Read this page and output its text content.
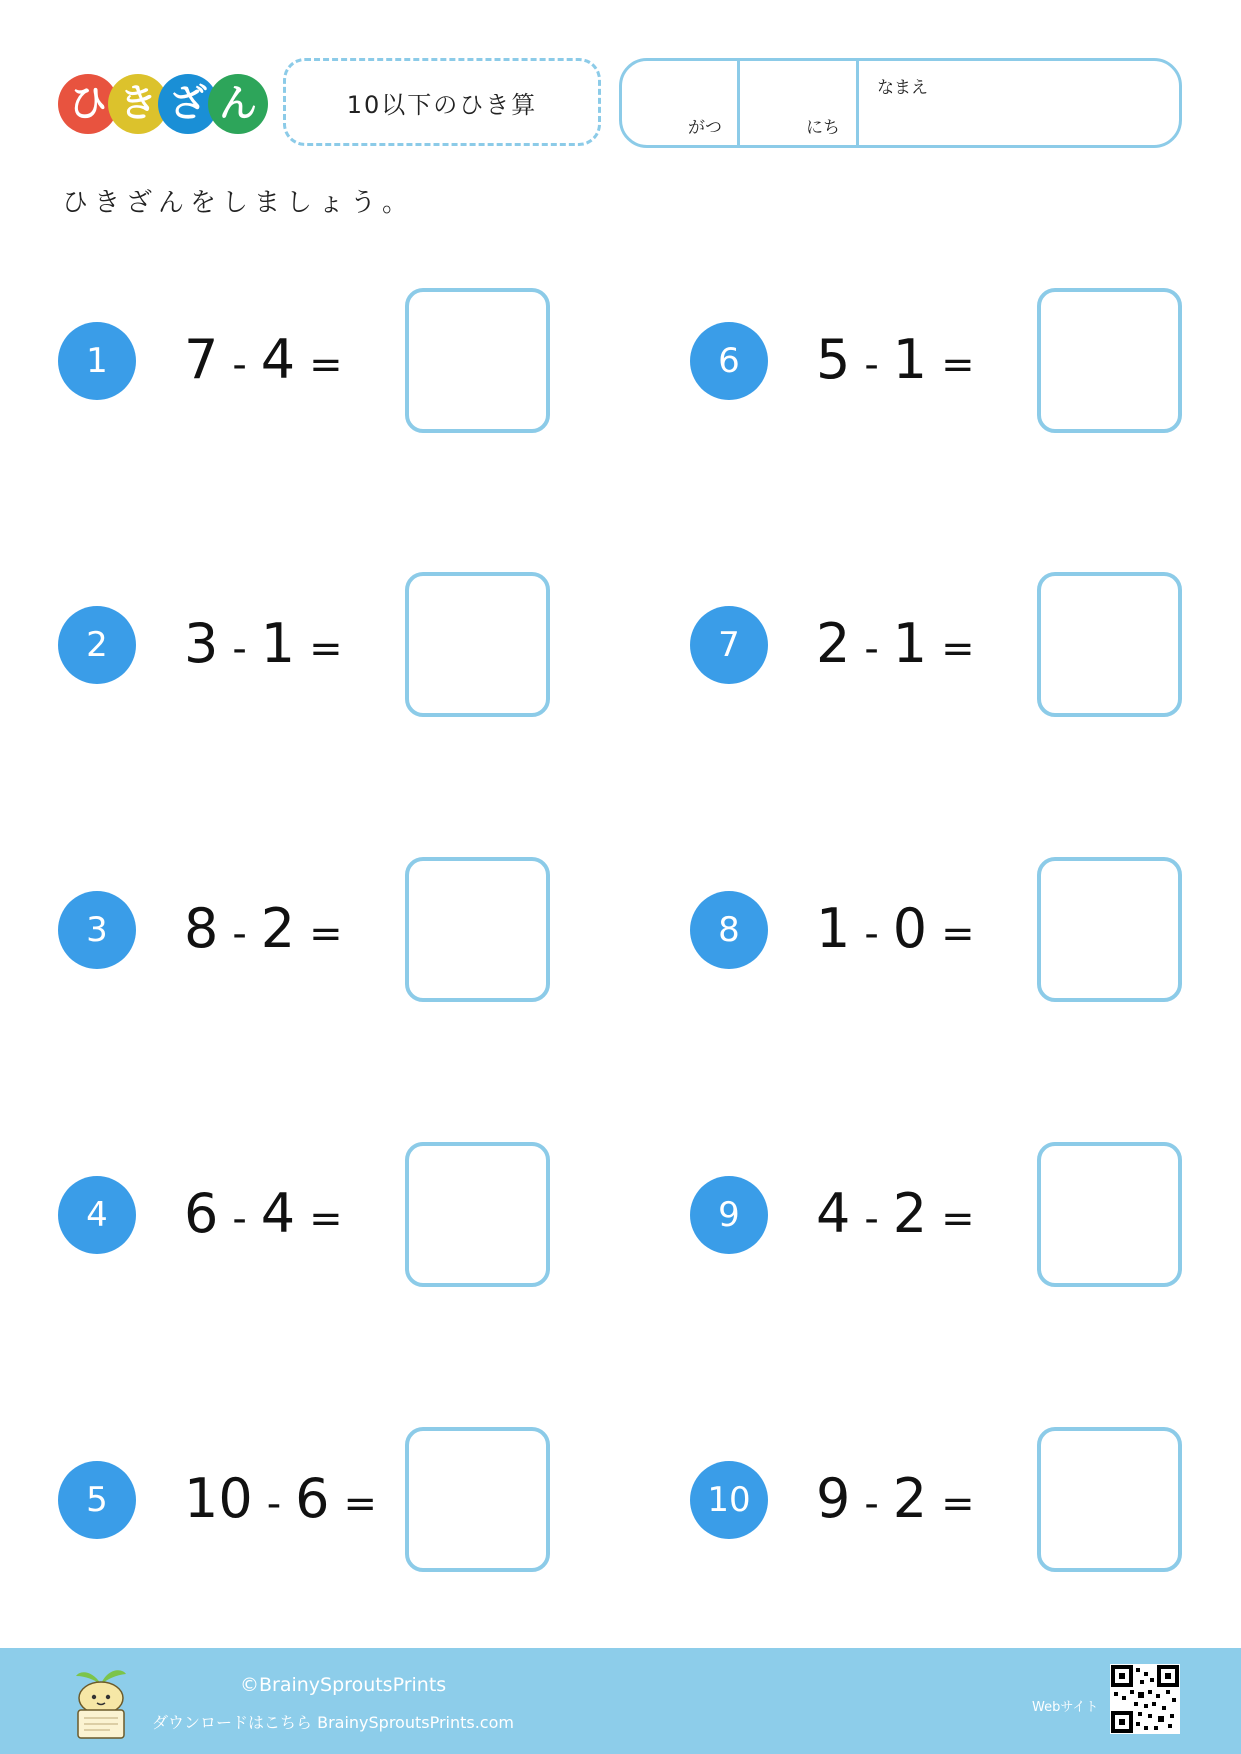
ひ き ざ ん	10以下のひき算
がつ	にち
なまえ
ひきざんをしましょう。
1	7 - 4 =
2	3 - 1 =
3	8 - 2 =
4	6 - 4 =
5	10 - 6 =
6	5 - 1 =
7	2 - 1 =
8	1 - 0 =
9	4 - 2 =
10	9 - 2 =
©BrainySproutsPrints
ダウンロードはこちら BrainySproutsPrints.com
Webサイト
